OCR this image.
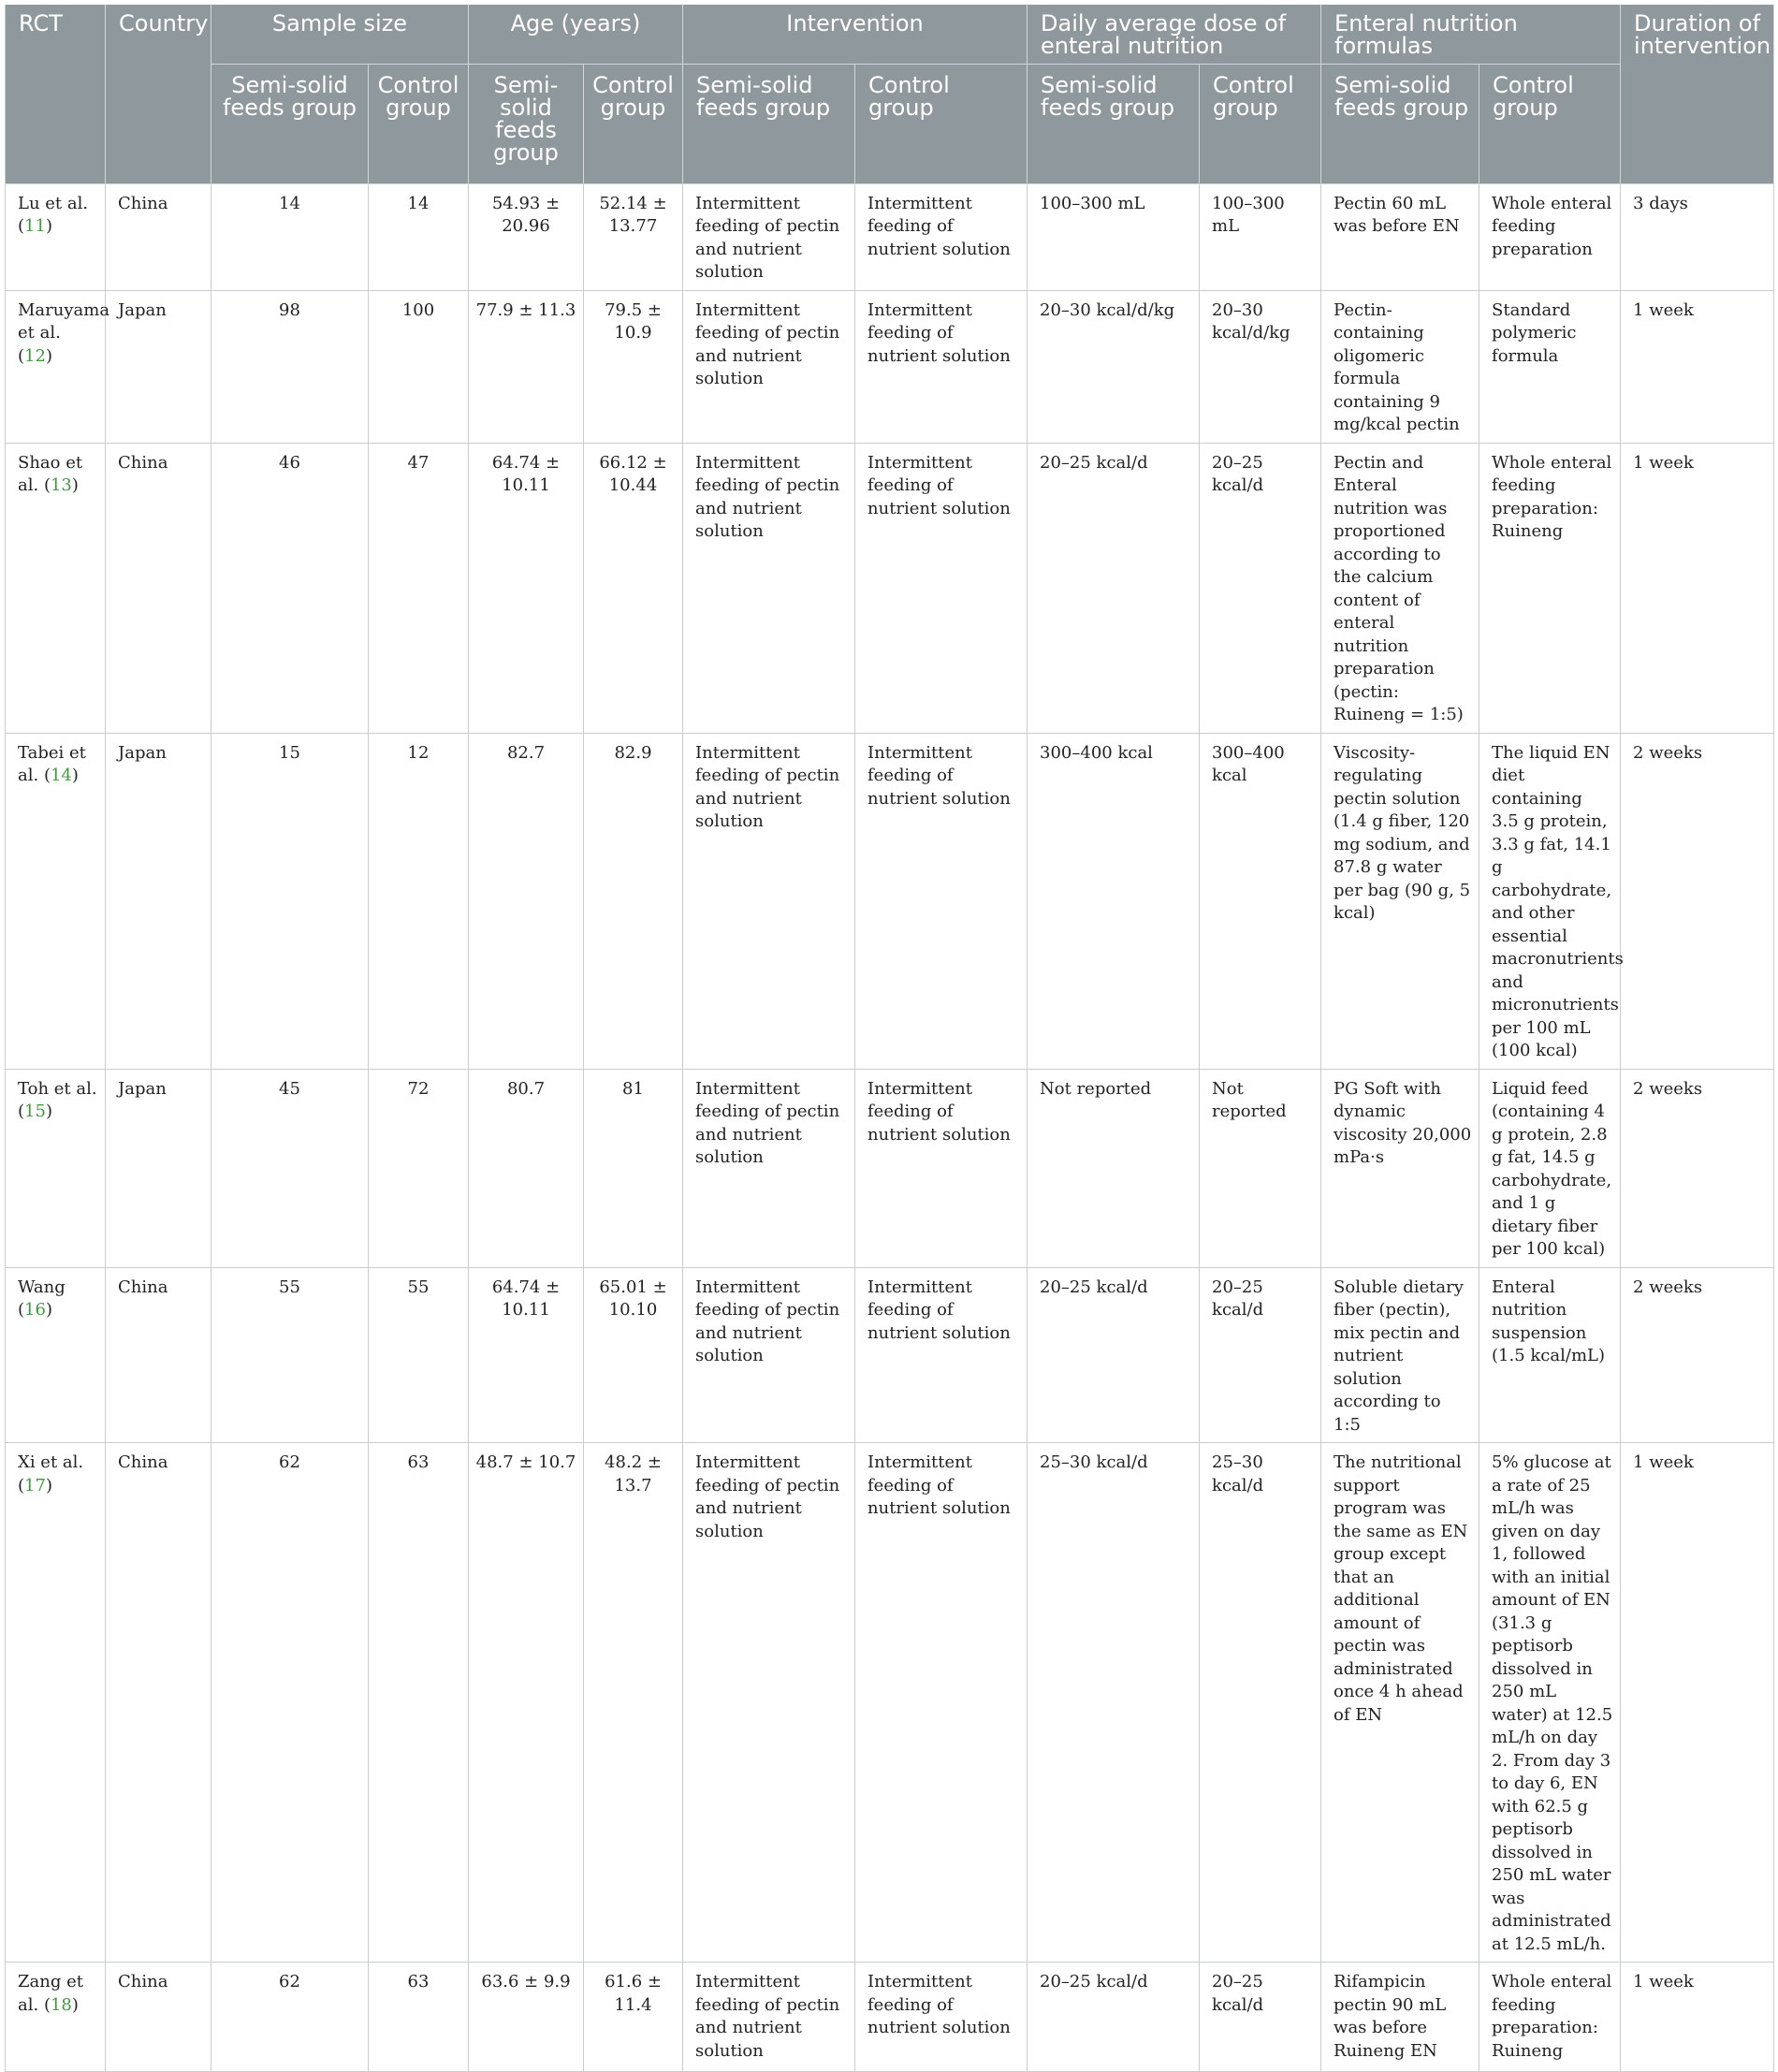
RCT	Country	Sample size		Age (years)		Intervention		Daily average dose of enteral nutrition		Enteral nutrition formulas		Duration of intervention
		Semi-solid feeds group	Control group	Semi-solid feeds group	Control group	Semi-solid feeds group	Control group	Semi-solid feeds group	Control group	Semi-solid feeds group	Control group	
Lu et al. (11)	China	14	14	54.93 ± 20.96	52.14 ± 13.77	Intermittent feeding of pectin and nutrient solution	Intermittent feeding of nutrient solution	100–300 mL	100–300 mL	Pectin 60 mL was before EN	Whole enteral feeding preparation	3 days
Maruyama et al. (12)	Japan	98	100	77.9 ± 11.3	79.5 ± 10.9	Intermittent feeding of pectin and nutrient solution	Intermittent feeding of nutrient solution	20–30 kcal/d/kg	20–30 kcal/d/kg	Pectin-containing oligomeric formula containing 9 mg/kcal pectin	Standard polymeric formula	1 week
Shao et al. (13)	China	46	47	64.74 ± 10.11	66.12 ± 10.44	Intermittent feeding of pectin and nutrient solution	Intermittent feeding of nutrient solution	20–25 kcal/d	20–25 kcal/d	Pectin and Enteral nutrition was proportioned according to the calcium content of enteral nutrition preparation (pectin: Ruineng = 1:5)	Whole enteral feeding preparation: Ruineng	1 week
Tabei et al. (14)	Japan	15	12	82.7	82.9	Intermittent feeding of pectin and nutrient solution	Intermittent feeding of nutrient solution	300–400 kcal	300–400 kcal	Viscosity-regulating pectin solution (1.4 g fiber, 120 mg sodium, and 87.8 g water per bag (90 g, 5 kcal)	The liquid EN diet containing 3.5 g protein, 3.3 g fat, 14.1 g carbohydrate, and other essential macronutrients and micronutrients per 100 mL (100 kcal)	2 weeks
Toh et al. (15)	Japan	45	72	80.7	81	Intermittent feeding of pectin and nutrient solution	Intermittent feeding of nutrient solution	Not reported	Not reported	PG Soft with dynamic viscosity 20,000 mPa·s	Liquid feed (containing 4 g protein, 2.8 g fat, 14.5 g carbohydrate, and 1 g dietary fiber per 100 kcal)	2 weeks
Wang (16)	China	55	55	64.74 ± 10.11	65.01 ± 10.10	Intermittent feeding of pectin and nutrient solution	Intermittent feeding of nutrient solution	20–25 kcal/d	20–25 kcal/d	Soluble dietary fiber (pectin), mix pectin and nutrient solution according to 1:5	Enteral nutrition suspension (1.5 kcal/mL)	2 weeks
Xi et al. (17)	China	62	63	48.7 ± 10.7	48.2 ± 13.7	Intermittent feeding of pectin and nutrient solution	Intermittent feeding of nutrient solution	25–30 kcal/d	25–30 kcal/d	The nutritional support program was the same as EN group except that an additional amount of pectin was administrated once 4 h ahead of EN	5% glucose at a rate of 25 mL/h was given on day 1, followed with an initial amount of EN (31.3 g peptisorb dissolved in 250 mL water) at 12.5 mL/h on day 2. From day 3 to day 6, EN with 62.5 g peptisorb dissolved in 250 mL water was administrated at 12.5 mL/h.	1 week
Zang et al. (18)	China	62	63	63.6 ± 9.9	61.6 ± 11.4	Intermittent feeding of pectin and nutrient solution	Intermittent feeding of nutrient solution	20–25 kcal/d	20–25 kcal/d	Rifampicin pectin 90 mL was before Ruineng EN	Whole enteral feeding preparation: Ruineng	1 week
